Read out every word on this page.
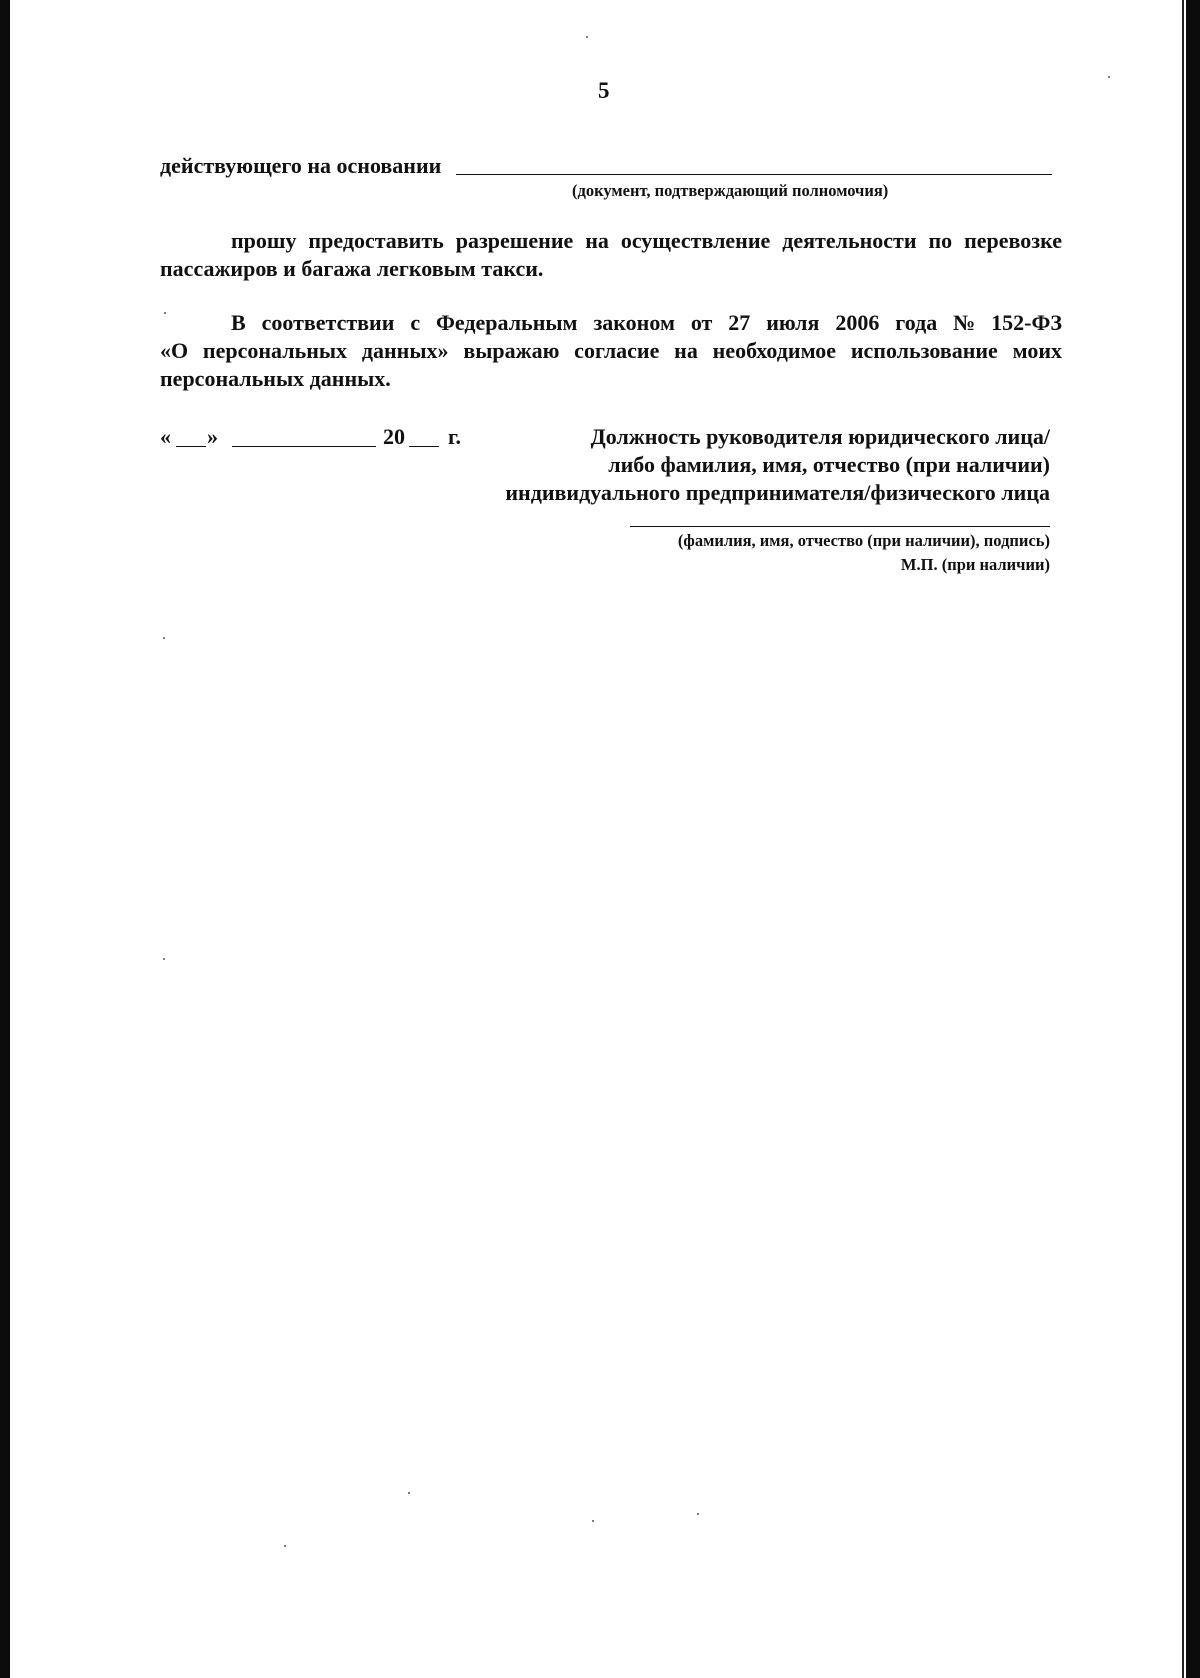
5
действующего на основании
(документ, подтверждающий полномочия)
прошу предоставить разрешение на осуществление деятельности по перевозке
пассажиров и багажа легковым такси.
В соответствии с Федеральным законом от 27 июля 2006 года № 152-ФЗ
«О персональных данных» выражаю согласие на необходимое использование моих
персональных данных.
« »	20 г.	Должность руководителя юридического лица/
либо фамилия, имя, отчество (при наличии)
индивидуального предпринимателя/физического лица
(фамилия, имя, отчество (при наличии), подпись)
М.П. (при наличии)
